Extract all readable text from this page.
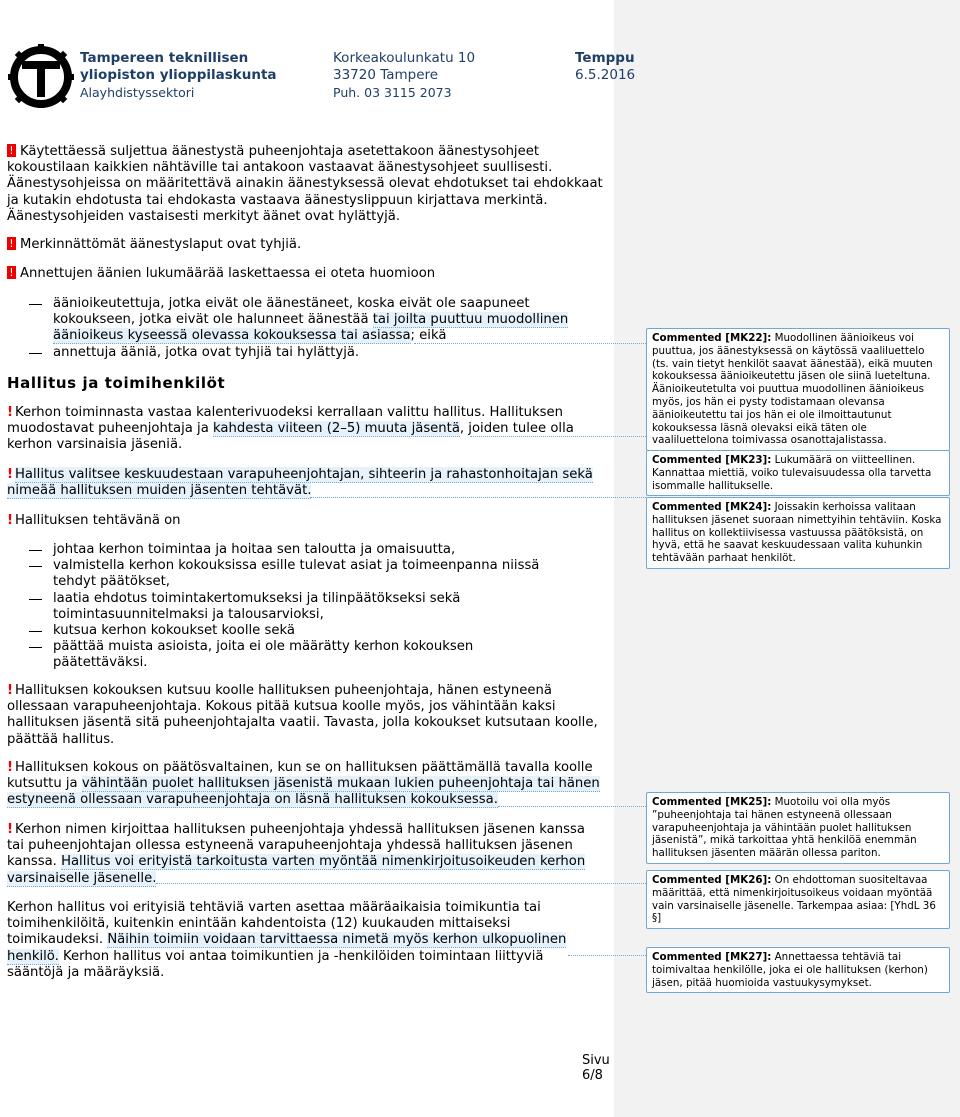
Tampereen teknillisen
yliopiston ylioppilaskunta
Alayhdistyssektori
Korkeakoulunkatu 10
33720 Tampere
Puh. 03 3115 2073
Temppu
6.5.2016

! Käytettäessä suljettua äänestystä puheenjohtaja asetettakoon äänestysohjeet kokoustilaan kaikkien nähtäville tai antakoon vastaavat äänestysohjeet suullisesti. Äänestysohjeissa on määritettävä ainakin äänestyksessä olevat ehdotukset tai ehdokkaat ja kutakin ehdotusta tai ehdokasta vastaava äänestyslippuun kirjattava merkintä. Äänestysohjeiden vastaisesti merkityt äänet ovat hylättyjä.

! Merkinnättömät äänestyslaput ovat tyhjiä.

! Annettujen äänien lukumäärää laskettaessa ei oteta huomioon

äänioikeutettuja, jotka eivät ole äänestäneet, koska eivät ole saapuneet kokoukseen, jotka eivät ole halunneet äänestää tai joilta puuttuu muodollinen äänioikeus kyseessä olevassa kokouksessa tai asiassa; eikä
annettuja ääniä, jotka ovat tyhjiä tai hylättyjä.
Hallitus ja toimihenkilöt

! Kerhon toiminnasta vastaa kalenterivuodeksi kerrallaan valittu hallitus. Hallituksen muodostavat puheenjohtaja ja kahdesta viiteen (2–5) muuta jäsentä, joiden tulee olla kerhon varsinaisia jäseniä.

! Hallitus valitsee keskuudestaan varapuheenjohtajan, sihteerin ja rahastonhoitajan sekä nimeää hallituksen muiden jäsenten tehtävät.

! Hallituksen tehtävänä on

johtaa kerhon toimintaa ja hoitaa sen taloutta ja omaisuutta,
valmistella kerhon kokouksissa esille tulevat asiat ja toimeenpanna niissä tehdyt päätökset,
laatia ehdotus toimintakertomukseksi ja tilinpäätökseksi sekä toimintasuunnitelmaksi ja talousarvioksi,
kutsua kerhon kokoukset koolle sekä
päättää muista asioista, joita ei ole määrätty kerhon kokouksen päätettäväksi.

! Hallituksen kokouksen kutsuu koolle hallituksen puheenjohtaja, hänen estyneenä ollessaan varapuheenjohtaja. Kokous pitää kutsua koolle myös, jos vähintään kaksi hallituksen jäsentä sitä puheenjohtajalta vaatii. Tavasta, jolla kokoukset kutsutaan koolle, päättää hallitus.

! Hallituksen kokous on päätösvaltainen, kun se on hallituksen päättämällä tavalla koolle kutsuttu ja vähintään puolet hallituksen jäsenistä mukaan lukien puheenjohtaja tai hänen estyneenä ollessaan varapuheenjohtaja on läsnä hallituksen kokouksessa.

! Kerhon nimen kirjoittaa hallituksen puheenjohtaja yhdessä hallituksen jäsenen kanssa tai puheenjohtajan ollessa estyneenä varapuheenjohtaja yhdessä hallituksen jäsenen kanssa. Hallitus voi erityistä tarkoitusta varten myöntää nimenkirjoitusoikeuden kerhon varsinaiselle jäsenelle.

Kerhon hallitus voi erityisiä tehtäviä varten asettaa määräaikaisia toimikuntia tai toimihenkilöitä, kuitenkin enintään kahdentoista (12) kuukauden mittaiseksi toimikaudeksi. Näihin toimiin voidaan tarvittaessa nimetä myös kerhon ulkopuolinen henkilö. Kerhon hallitus voi antaa toimikuntien ja -henkilöiden toimintaan liittyviä sääntöjä ja määräyksiä.

Sivu 6/8
Commented [MK22]: Muodollinen äänioikeus voi puuttua, jos äänestyksessä on käytössä vaaliluettelo (ts. vain tietyt henkilöt saavat äänestää), eikä muuten kokouksessa äänioikeutettu jäsen ole siinä lueteltuna. Äänioikeutetulta voi puuttua muodollinen äänioikeus myös, jos hän ei pysty todistamaan olevansa äänioikeutettu tai jos hän ei ole ilmoittautunut kokouksessa läsnä olevaksi eikä täten ole vaaliluettelona toimivassa osanottajalistassa.
Commented [MK23]: Lukumäärä on viitteellinen. Kannattaa miettiä, voiko tulevaisuudessa olla tarvetta isommalle hallitukselle.
Commented [MK24]: Joissakin kerhoissa valitaan hallituksen jäsenet suoraan nimettyihin tehtäviin. Koska hallitus on kollektiivisessa vastuussa päätöksistä, on hyvä, että he saavat keskuudessaan valita kuhunkin tehtävään parhaat henkilöt.
Commented [MK25]: Muotoilu voi olla myös ”puheenjohtaja tai hänen estyneenä ollessaan varapuheenjohtaja ja vähintään puolet hallituksen jäsenistä”, mikä tarkoittaa yhtä henkilöä enemmän hallituksen jäsenten määrän ollessa pariton.
Commented [MK26]: On ehdottoman suositeltavaa määrittää, että nimenkirjoitusoikeus voidaan myöntää vain varsinaiselle jäsenelle. Tarkempaa asiaa: [YhdL 36 §]
Commented [MK27]: Annettaessa tehtäviä tai toimivaltaa henkilölle, joka ei ole hallituksen (kerhon) jäsen, pitää huomioida vastuukysymykset.
